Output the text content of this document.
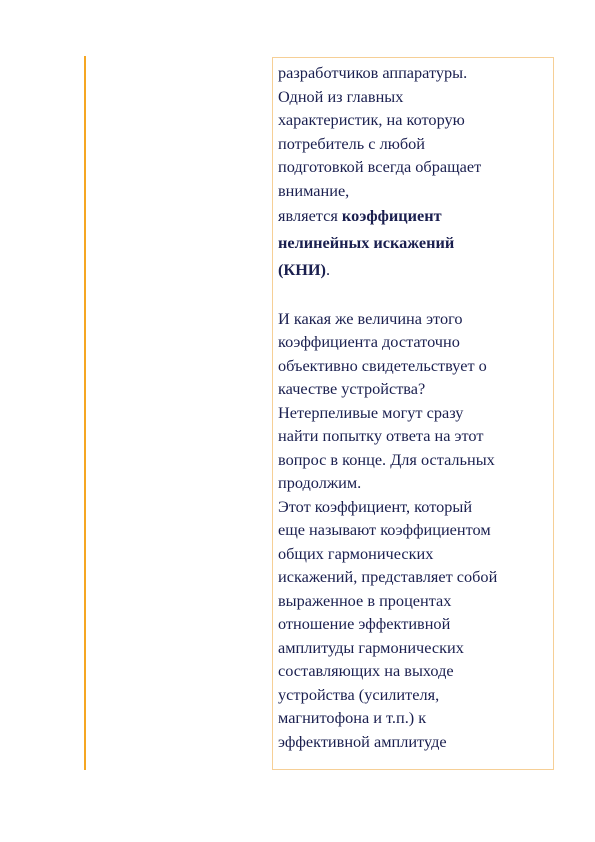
разработчиков аппаратуры.
Одной из главных
характеристик, на которую
потребитель с любой
подготовкой всегда обращает
внимание,
является коэффициент
нелинейных искажений
(КНИ).
И какая же величина этого
коэффициента достаточно
объективно свидетельствует о
качестве устройства?
Нетерпеливые могут сразу
найти попытку ответа на этот
вопрос в конце. Для остальных
продолжим.
Этот коэффициент, который
еще называют коэффициентом
общих гармонических
искажений, представляет собой
выраженное в процентах
отношение эффективной
амплитуды гармонических
составляющих на выходе
устройства (усилителя,
магнитофона и т.п.) к
эффективной амплитуде
